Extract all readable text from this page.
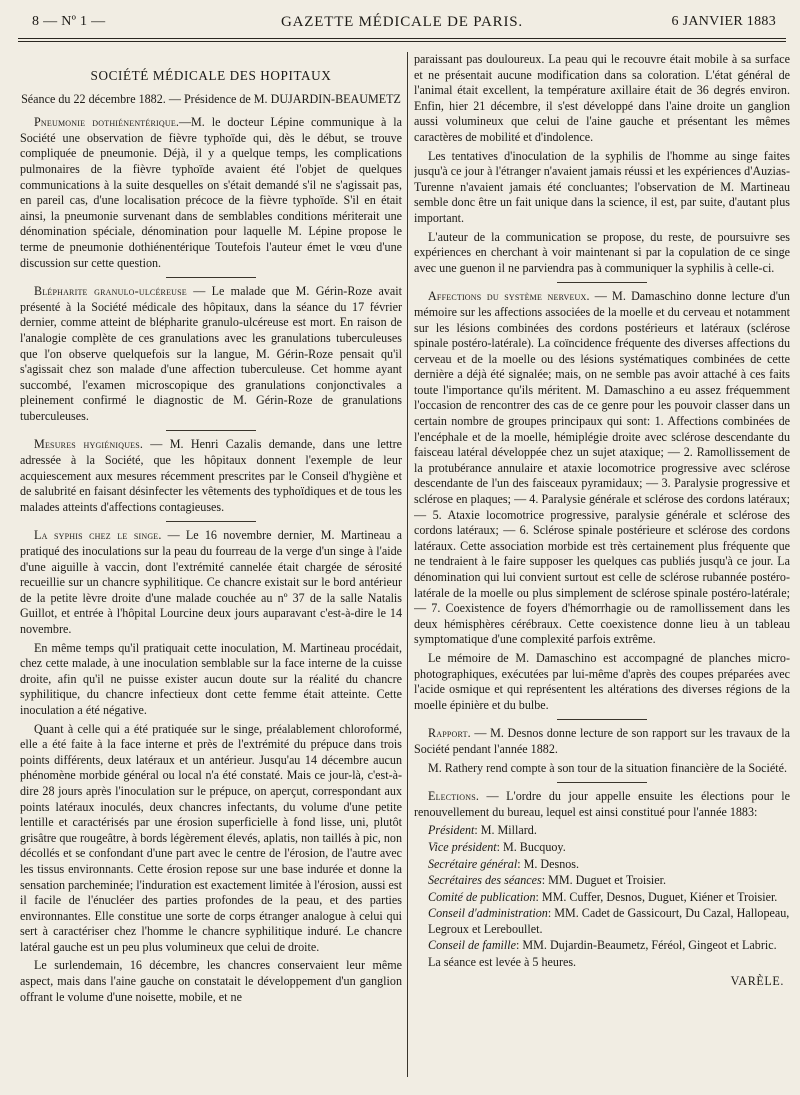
8 — Nº 1 —	GAZETTE MÉDICALE DE PARIS.	6 JANVIER 1883
SOCIÉTÉ MÉDICALE DES HOPITAUX
Séance du 22 décembre 1882. — Présidence de M. DUJARDIN-BEAUMETZ

Pneumonie dothiénentérique.—M. le docteur Lépine communique à la Société une observation de fièvre typhoïde qui, dès le début, se trouve compliquée de pneumonie. Déjà, il y a quelque temps, les complications pulmonaires de la fièvre typhoïde avaient été l'objet de quelques communications à la suite desquelles on s'était demandé s'il ne s'agissait pas, en pareil cas, d'une localisation précoce de la fièvre typhoïde. S'il en était ainsi, la pneumonie survenant dans de semblables conditions mériterait une dénomination spéciale, dénomination pour laquelle M. Lépine propose le terme de pneumonie dothiénentérique Toutefois l'auteur émet le vœu d'une discussion sur cette question.

Blépharite granulo-ulcéreuse — Le malade que M. Gérin-Roze avait présenté à la Société médicale des hôpitaux, dans la séance du 17 février dernier, comme atteint de blépharite granulo-ulcéreuse est mort. En raison de l'analogie complète de ces granulations avec les granulations tuberculeuses que l'on observe quelquefois sur la langue, M. Gérin-Roze pensait qu'il s'agissait chez son malade d'une affection tuberculeuse. Cet homme ayant succombé, l'examen microscopique des granulations conjonctivales a pleinement confirmé le diagnostic de M. Gérin-Roze de granulations tuberculeuses.

Mesures hygiéniques. — M. Henri Cazalis demande, dans une lettre adressée à la Société, que les hôpitaux donnent l'exemple de leur acquiescement aux mesures récemment prescrites par le Conseil d'hygiène et de salubrité en faisant désinfecter les vêtements des typhoïdiques et de tous les malades atteints d'affections contagieuses.

La syphis chez le singe. — Le 16 novembre dernier, M. Martineau a pratiqué des inoculations sur la peau du fourreau de la verge d'un singe à l'aide d'une aiguille à vaccin, dont l'extrémité cannelée était chargée de sérosité recueillie sur un chancre syphilitique. Ce chancre existait sur le bord antérieur de la petite lèvre droite d'une malade couchée au nº 37 de la salle Natalis Guillot, et entrée à l'hôpital Lourcine deux jours auparavant c'est-à-dire le 14 novembre.

En même temps qu'il pratiquait cette inoculation, M. Martineau procédait, chez cette malade, à une inoculation semblable sur la face interne de la cuisse droite, afin qu'il ne puisse exister aucun doute sur la réalité du chancre syphilitique, du chancre infectieux dont cette femme était atteinte. Cette inoculation a été négative.

Quant à celle qui a été pratiquée sur le singe, préalablement chloroformé, elle a été faite à la face interne et près de l'extrémité du prépuce dans trois points différents, deux latéraux et un antérieur. Jusqu'au 14 décembre aucun phénomène morbide général ou local n'a été constaté. Mais ce jour-là, c'est-à-dire 28 jours après l'inoculation sur le prépuce, on aperçut, correspondant aux points latéraux inoculés, deux chancres infectants, du volume d'une petite lentille et caractérisés par une érosion superficielle à fond lisse, uni, plutôt grisâtre que rougeâtre, à bords légèrement élevés, aplatis, non taillés à pic, non décollés et se confondant d'une part avec le centre de l'érosion, de l'autre avec les tissus environnants. Cette érosion repose sur une base indurée et donne la sensation parcheminée; l'induration est exactement limitée à l'érosion, aussi est il facile de l'énucléer des parties profondes de la peau, et des parties environnantes. Elle constitue une sorte de corps étranger analogue à celui qui sert à caractériser chez l'homme le chancre syphilitique induré. Le chancre latéral gauche est un peu plus volumineux que celui de droite.

Le surlendemain, 16 décembre, les chancres conservaient leur même aspect, mais dans l'aine gauche on constatait le développement d'un ganglion offrant le volume d'une noisette, mobile, et ne

paraissant pas douloureux. La peau qui le recouvre était mobile à sa surface et ne présentait aucune modification dans sa coloration. L'état général de l'animal était excellent, la température axillaire était de 36 degrés environ. Enfin, hier 21 décembre, il s'est développé dans l'aine droite un ganglion aussi volumineux que celui de l'aine gauche et présentant les mêmes caractères de mobilité et d'indolence.

Les tentatives d'inoculation de la syphilis de l'homme au singe faites jusqu'à ce jour à l'étranger n'avaient jamais réussi et les expériences d'Auzias-Turenne n'avaient jamais été concluantes; l'observation de M. Martineau semble donc être un fait unique dans la science, il est, par suite, d'autant plus important.

L'auteur de la communication se propose, du reste, de poursuivre ses expériences en cherchant à voir maintenant si par la copulation de ce singe avec une guenon il ne parviendra pas à communiquer la syphilis à celle-ci.

Affections du système nerveux. — M. Damaschino donne lecture d'un mémoire sur les affections associées de la moelle et du cerveau et notamment sur les lésions combinées des cordons postérieurs et latéraux (sclérose spinale postéro-latérale). La coïncidence fréquente des diverses affections du cerveau et de la moelle ou des lésions systématiques combinées de cette dernière a déjà été signalée; mais, on ne semble pas avoir attaché à ces faits toute l'importance qu'ils méritent. M. Damaschino a eu assez fréquemment l'occasion de rencontrer des cas de ce genre pour les pouvoir classer dans un certain nombre de groupes principaux qui sont: 1. Affections combinées de l'encéphale et de la moelle, hémiplégie droite avec sclérose descendante du faisceau latéral développée chez un sujet ataxique; — 2. Ramollissement de la protubérance annulaire et ataxie locomotrice progressive avec sclérose descendante de l'un des faisceaux pyramidaux; — 3. Paralysie progressive et sclérose en plaques; — 4. Paralysie générale et sclérose des cordons latéraux; — 5. Ataxie locomotrice progressive, paralysie générale et sclérose des cordons latéraux; — 6. Sclérose spinale postérieure et sclérose des cordons latéraux. Cette association morbide est très certainement plus fréquente que ne tendraient à le faire supposer les quelques cas publiés jusqu'à ce jour. La dénomination qui lui convient surtout est celle de sclérose rubannée postéro-latérale de la moelle ou plus simplement de sclérose spinale postéro-latérale; — 7. Coexistence de foyers d'hémorrhagie ou de ramollissement dans les deux hémisphères cérébraux. Cette coexistence donne lieu à un tableau symptomatique d'une complexité parfois extrême.

Le mémoire de M. Damaschino est accompagné de planches micro-photographiques, exécutées par lui-même d'après des coupes préparées avec l'acide osmique et qui représentent les altérations des diverses régions de la moelle épinière et du bulbe.

Rapport. — M. Desnos donne lecture de son rapport sur les travaux de la Société pendant l'année 1882.

M. Rathery rend compte à son tour de la situation financière de la Société.

Elections. — L'ordre du jour appelle ensuite les élections pour le renouvellement du bureau, lequel est ainsi constitué pour l'année 1883:

Président: M. Millard.

Vice président: M. Bucquoy.

Secrétaire général: M. Desnos.

Secrétaires des séances: MM. Duguet et Troisier.

Comité de publication: MM. Cuffer, Desnos, Duguet, Kiéner et Troisier.

Conseil d'administration: MM. Cadet de Gassicourt, Du Cazal, Hallopeau, Legroux et Lereboullet.

Conseil de famille: MM. Dujardin-Beaumetz, Féréol, Gingeot et Labric.

La séance est levée à 5 heures.

VARÈLE.
